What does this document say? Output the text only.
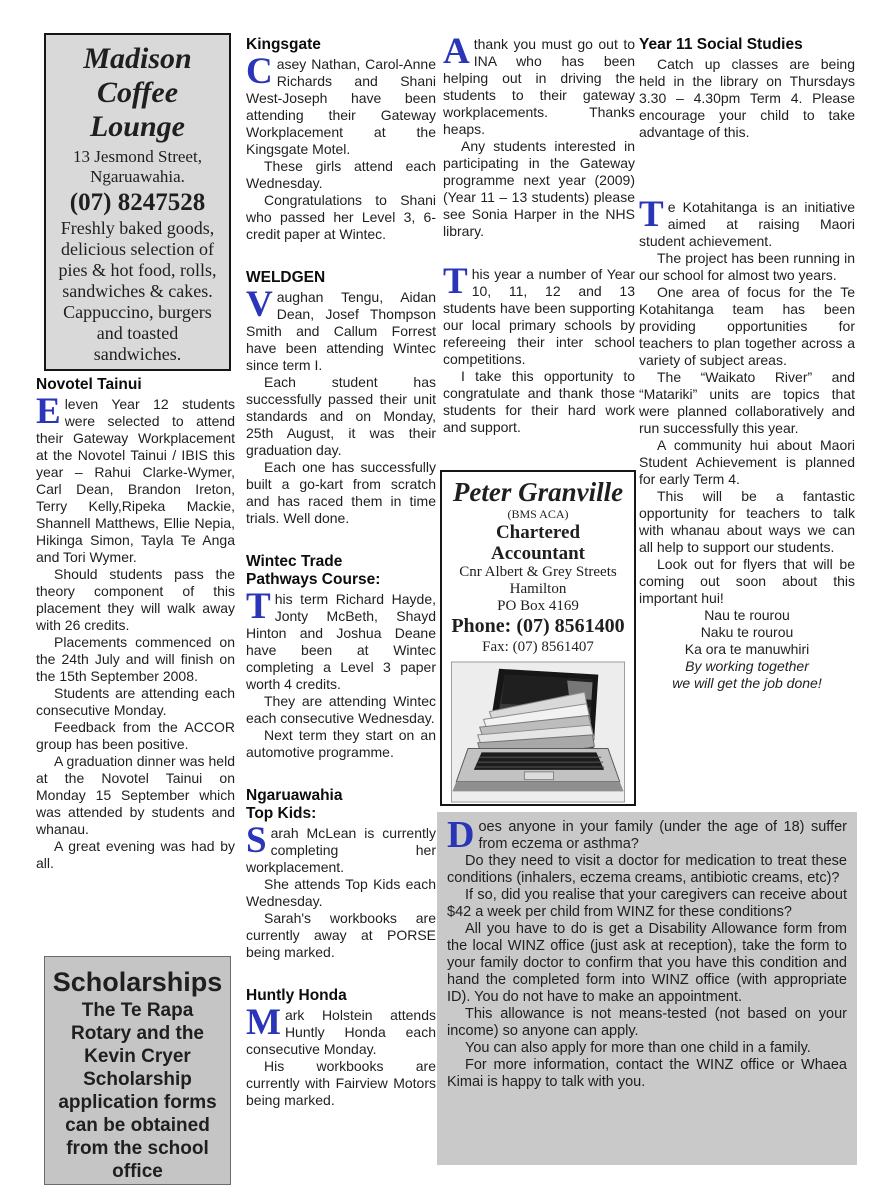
Madison
Coffee
Lounge
13 Jesmond Street,
Ngaruawahia.
(07) 8247528
Freshly baked goods,
delicious selection of
pies & hot food, rolls,
sandwiches & cakes.
Cappuccino, burgers
and toasted
sandwiches.
Novotel Tainui

Eleven Year 12 students were selected to attend their Gateway Workplacement at the Novotel Tainui / IBIS this year – Rahui Clarke-Wymer, Carl Dean, Brandon Ireton, Terry Kelly,Ripeka Mackie, Shannell Matthews, Ellie Nepia, Hikinga Simon, Tayla Te Anga and Tori Wymer.

Should students pass the theory component of this placement they will walk away with 26 credits.

Placements commenced on the 24th July and will finish on the 15th September 2008.

Students are attending each consecutive Monday.

Feedback from the ACCOR group has been positive.

A graduation dinner was held at the Novotel Tainui on Monday 15 September which was attended by students and whanau.

A great evening was had by all.

Kingsgate

Casey Nathan, Carol-Anne Richards and Shani West-Joseph have been attending their Gateway Workplacement at the Kingsgate Motel.

These girls attend each Wednesday.

Congratulations to Shani who passed her Level 3, 6-credit paper at Wintec.

WELDGEN

Vaughan Tengu, Aidan Dean, Josef Thompson Smith and Callum Forrest have been attending Wintec since term I.

Each student has successfully passed their unit standards and on Monday, 25th August, it was their graduation day.

Each one has successfully built a go-kart from scratch and has raced them in time trials. Well done.

Wintec Trade
Pathways Course:

This term Richard Hayde, Jonty McBeth, Shayd Hinton and Joshua Deane have been at Wintec completing a Level 3 paper worth 4 credits.

They are attending Wintec each consecutive Wednesday.

Next term they start on an automotive programme.

Ngaruawahia
Top Kids:

Sarah McLean is currently completing her workplacement.

She attends Top Kids each Wednesday.

Sarah's workbooks are currently away at PORSE being marked.

Huntly Honda

Mark Holstein attends Huntly Honda each consecutive Monday.

His workbooks are currently with Fairview Motors being marked.

Athank you must go out to INA who has been helping out in driving the students to their gateway workplacements. Thanks heaps.

Any students interested in participating in the Gateway programme next year (2009) (Year 11 – 13 students) please see Sonia Harper in the NHS library.

This year a number of Year 10, 11, 12 and 13 students have been supporting our local primary schools by refereeing their inter school competitions.

I take this opportunity to congratulate and thank those students for their hard work and support.

Year 11 Social Studies

Catch up classes are being held in the library on Thursdays 3.30 – 4.30pm Term 4. Please encourage your child to take advantage of this.

Te Kotahitanga is an initiative aimed at raising Maori student achievement.

The project has been running in our school for almost two years.

One area of focus for the Te Kotahitanga team has been providing opportunities for teachers to plan together across a variety of subject areas.

The “Waikato River” and “Matariki” units are topics that were planned collaboratively and run successfully this year.

A community hui about Maori Student Achievement is planned for early Term 4.

This will be a fantastic opportunity for teachers to talk with whanau about ways we can all help to support our students.

Look out for flyers that will be coming out soon about this important hui!

Nau te rourou
Naku te rourou
Ka ora te manuwhiri
By working together
we will get the job done!
Scholarships
The Te Rapa Rotary and the Kevin Cryer Scholarship application forms can be obtained from the school office
Peter Granville
(BMS ACA)
Chartered
Accountant
Cnr Albert & Grey Streets
Hamilton
PO Box 4169
Phone: (07) 8561400
Fax: (07) 8561407

Does anyone in your family (under the age of 18) suffer from eczema or asthma?

Do they need to visit a doctor for medication to treat these conditions (inhalers, eczema creams, antibiotic creams, etc)?

If so, did you realise that your caregivers can receive about $42 a week per child from WINZ for these conditions?

All you have to do is get a Disability Allowance form from the local WINZ office (just ask at reception), take the form to your family doctor to confirm that you have this condition and hand the completed form into WINZ office (with appropriate ID). You do not have to make an appointment.

This allowance is not means-tested (not based on your income) so anyone can apply.

You can also apply for more than one child in a family.

For more information, contact the WINZ office or Whaea Kimai is happy to talk with you.
